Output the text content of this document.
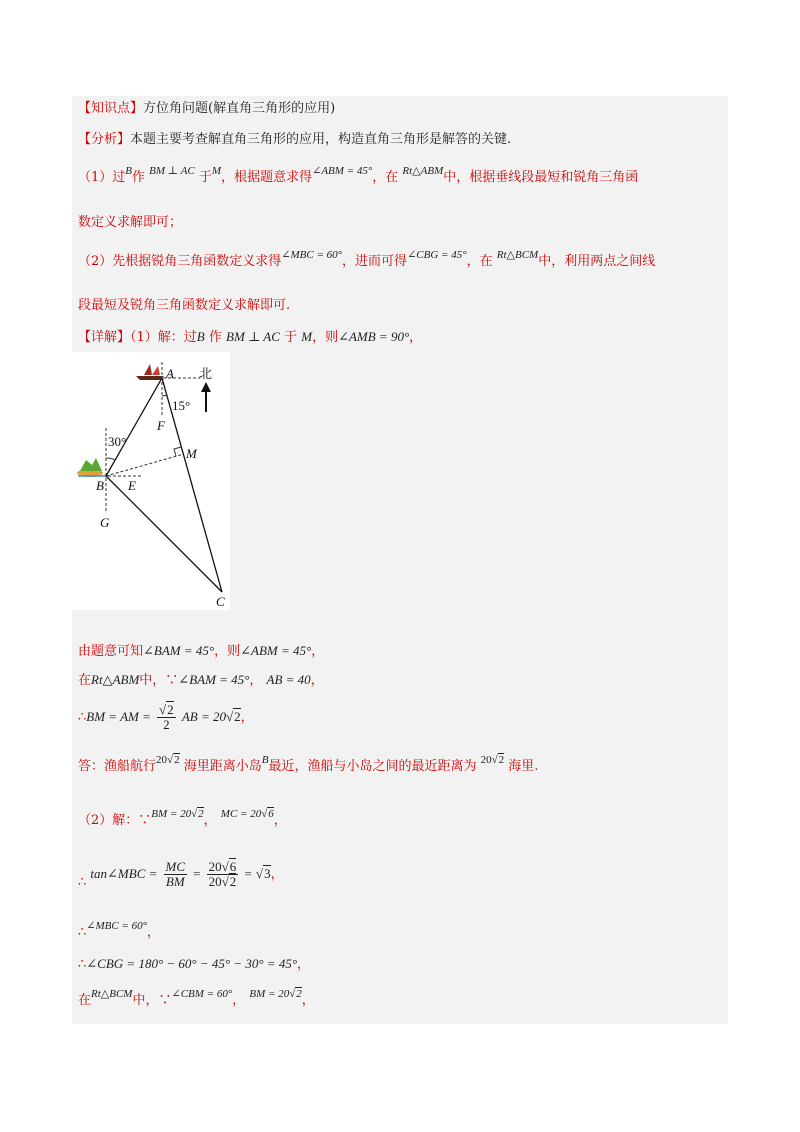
【知识点】方位角问题(解直角三角形的应用)
【分析】本题主要考查解直角三角形的应用，构造直角三角形是解答的关键.
（1）过$^B$作 $^{BM \perp AC}$ 于$^M$，根据题意求得$^{\angle ABM = 45^\circ}$，在 $^{Rt\triangle ABM}$中，根据垂线段最短和锐角三角函
数定义求解即可；
（2）先根据锐角三角函数定义求得$^{\angle MBC = 60^\circ}$，进而可得$^{\angle CBG = 45^\circ}$，在 $^{Rt\triangle BCM}$中，利用两点之间线
段最短及锐角三角函数定义求解即可.
【详解】（1）解：过B 作 BM ⊥ AC 于 M，则∠AMB = 90°，
A 北
15°
F
30°
M
B E
G
C
由题意可知∠BAM = 45°，则∠ABM = 45°，
在Rt△ABM中，∵∠BAM = 45°， AB = 40，
∴BM = AM = $\frac{√2}{2}$ AB = 20√2，
答：渔船航行$^{20√2}$ 海里距离小岛$^B$最近，渔船与小岛之间的最近距离为 $^{20√2}$ 海里.
（2）解：∵$^{BM = 20√2}$， $^{MC = 20√6}$，
∴ tan∠MBC = $\frac{MC}{BM} = \frac{20√6}{20√2} = √3$，
∴$^{\angle MBC = 60^\circ}$，
∴∠CBG = 180° − 60° − 45° − 30° = 45°，
在$^{Rt\triangle BCM}$中，∵$^{\angle CBM = 60^\circ}$， $^{BM = 20√2}$，
